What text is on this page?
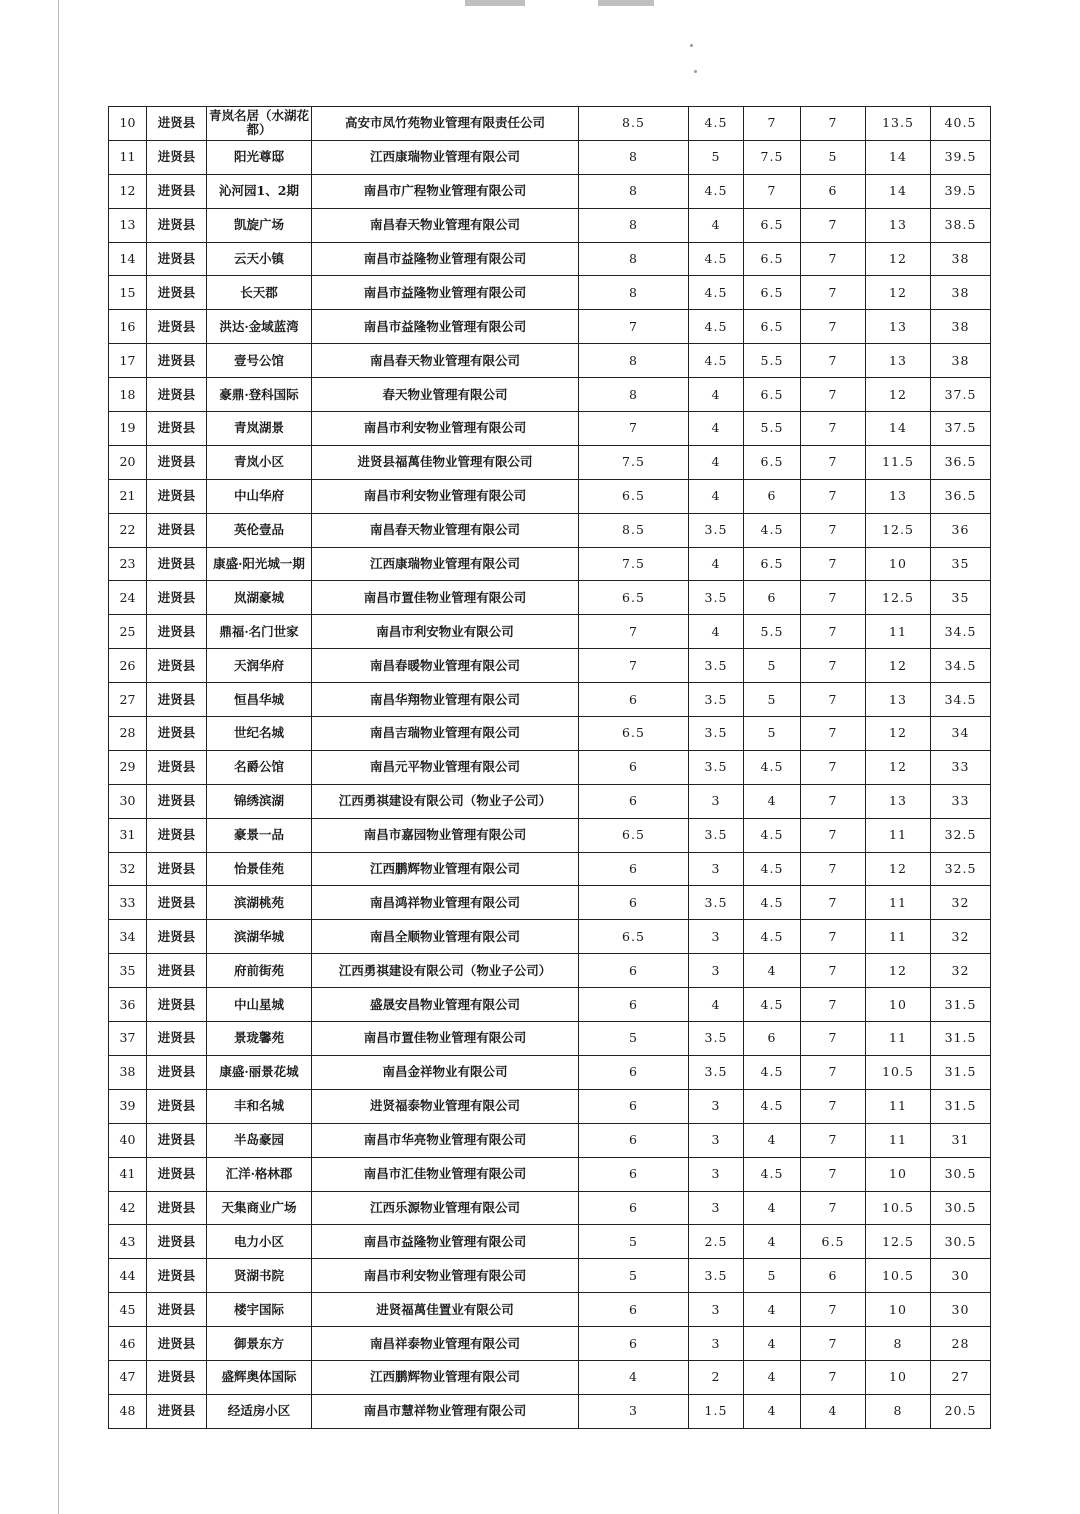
10	进贤县	青岚名居（水湖花都）	高安市凤竹苑物业管理有限责任公司	8.5	4.5	7	7	13.5	40.5
11	进贤县	阳光尊邸	江西康瑞物业管理有限公司	8	5	7.5	5	14	39.5
12	进贤县	沁河园1、2期	南昌市广程物业管理有限公司	8	4.5	7	6	14	39.5
13	进贤县	凯旋广场	南昌春天物业管理有限公司	8	4	6.5	7	13	38.5
14	进贤县	云天小镇	南昌市益隆物业管理有限公司	8	4.5	6.5	7	12	38
15	进贤县	长天郡	南昌市益隆物业管理有限公司	8	4.5	6.5	7	12	38
16	进贤县	洪达·金域蓝湾	南昌市益隆物业管理有限公司	7	4.5	6.5	7	13	38
17	进贤县	壹号公馆	南昌春天物业管理有限公司	8	4.5	5.5	7	13	38
18	进贤县	豪鼎·登科国际	春天物业管理有限公司	8	4	6.5	7	12	37.5
19	进贤县	青岚湖景	南昌市利安物业管理有限公司	7	4	5.5	7	14	37.5
20	进贤县	青岚小区	进贤县福萬佳物业管理有限公司	7.5	4	6.5	7	11.5	36.5
21	进贤县	中山华府	南昌市利安物业管理有限公司	6.5	4	6	7	13	36.5
22	进贤县	英伦壹品	南昌春天物业管理有限公司	8.5	3.5	4.5	7	12.5	36
23	进贤县	康盛·阳光城一期	江西康瑞物业管理有限公司	7.5	4	6.5	7	10	35
24	进贤县	岚湖豪城	南昌市置佳物业管理有限公司	6.5	3.5	6	7	12.5	35
25	进贤县	鼎福·名门世家	南昌市利安物业有限公司	7	4	5.5	7	11	34.5
26	进贤县	天润华府	南昌春暖物业管理有限公司	7	3.5	5	7	12	34.5
27	进贤县	恒昌华城	南昌华翔物业管理有限公司	6	3.5	5	7	13	34.5
28	进贤县	世纪名城	南昌吉瑞物业管理有限公司	6.5	3.5	5	7	12	34
29	进贤县	名爵公馆	南昌元平物业管理有限公司	6	3.5	4.5	7	12	33
30	进贤县	锦绣滨湖	江西勇祺建设有限公司（物业子公司）	6	3	4	7	13	33
31	进贤县	豪景一品	南昌市嘉园物业管理有限公司	6.5	3.5	4.5	7	11	32.5
32	进贤县	怡景佳苑	江西鹏辉物业管理有限公司	6	3	4.5	7	12	32.5
33	进贤县	滨湖桃苑	南昌鸿祥物业管理有限公司	6	3.5	4.5	7	11	32
34	进贤县	滨湖华城	南昌全顺物业管理有限公司	6.5	3	4.5	7	11	32
35	进贤县	府前街苑	江西勇祺建设有限公司（物业子公司）	6	3	4	7	12	32
36	进贤县	中山星城	盛晟安昌物业管理有限公司	6	4	4.5	7	10	31.5
37	进贤县	景珑馨苑	南昌市置佳物业管理有限公司	5	3.5	6	7	11	31.5
38	进贤县	康盛·丽景花城	南昌金祥物业有限公司	6	3.5	4.5	7	10.5	31.5
39	进贤县	丰和名城	进贤福泰物业管理有限公司	6	3	4.5	7	11	31.5
40	进贤县	半岛豪园	南昌市华亮物业管理有限公司	6	3	4	7	11	31
41	进贤县	汇洋·格林郡	南昌市汇佳物业管理有限公司	6	3	4.5	7	10	30.5
42	进贤县	天集商业广场	江西乐源物业管理有限公司	6	3	4	7	10.5	30.5
43	进贤县	电力小区	南昌市益隆物业管理有限公司	5	2.5	4	6.5	12.5	30.5
44	进贤县	贤湖书院	南昌市利安物业管理有限公司	5	3.5	5	6	10.5	30
45	进贤县	楼宇国际	进贤福萬佳置业有限公司	6	3	4	7	10	30
46	进贤县	御景东方	南昌祥泰物业管理有限公司	6	3	4	7	8	28
47	进贤县	盛辉奥体国际	江西鹏辉物业管理有限公司	4	2	4	7	10	27
48	进贤县	经适房小区	南昌市慧祥物业管理有限公司	3	1.5	4	4	8	20.5
